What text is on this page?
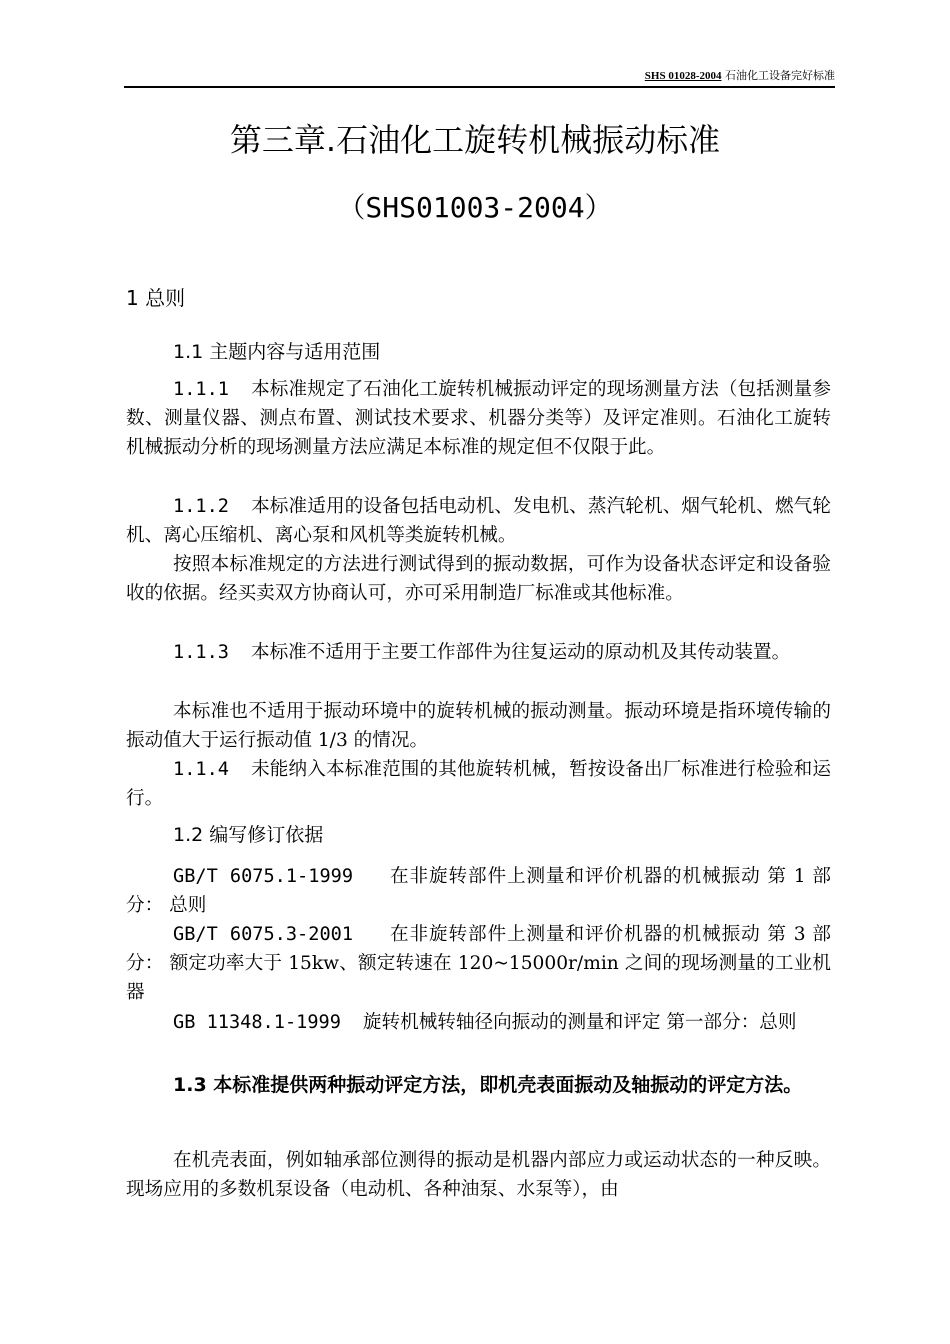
SHS 01028-2004 石油化工设备完好标准
第三章.石油化工旋转机械振动标准
（SHS01003-2004）
1 总则
1.1 主题内容与适用范围
1.1.1 本标准规定了石油化工旋转机械振动评定的现场测量方法（包括测量参数、测量仪器、测点布置、测试技术要求、机器分类等）及评定准则。石油化工旋转机械振动分析的现场测量方法应满足本标准的规定但不仅限于此。
1.1.2 本标准适用的设备包括电动机、发电机、蒸汽轮机、烟气轮机、燃气轮机、离心压缩机、离心泵和风机等类旋转机械。
按照本标准规定的方法进行测试得到的振动数据，可作为设备状态评定和设备验收的依据。经买卖双方协商认可，亦可采用制造厂标准或其他标准。
1.1.3 本标准不适用于主要工作部件为往复运动的原动机及其传动装置。
本标准也不适用于振动环境中的旋转机械的振动测量。振动环境是指环境传输的振动值大于运行振动值 1/3 的情况。
1.1.4 未能纳入本标准范围的其他旋转机械，暂按设备出厂标准进行检验和运行。
1.2 编写修订依据
GB/T 6075.1-1999 在非旋转部件上测量和评价机器的机械振动 第 1 部分： 总则
GB/T 6075.3-2001 在非旋转部件上测量和评价机器的机械振动 第 3 部分： 额定功率大于 15kw、额定转速在 120~15000r/min 之间的现场测量的工业机器
GB 11348.1-1999 旋转机械转轴径向振动的测量和评定 第一部分：总则
1.3 本标准提供两种振动评定方法，即机壳表面振动及轴振动的评定方法。
在机壳表面，例如轴承部位测得的振动是机器内部应力或运动状态的一种反映。现场应用的多数机泵设备（电动机、各种油泵、水泵等），由
